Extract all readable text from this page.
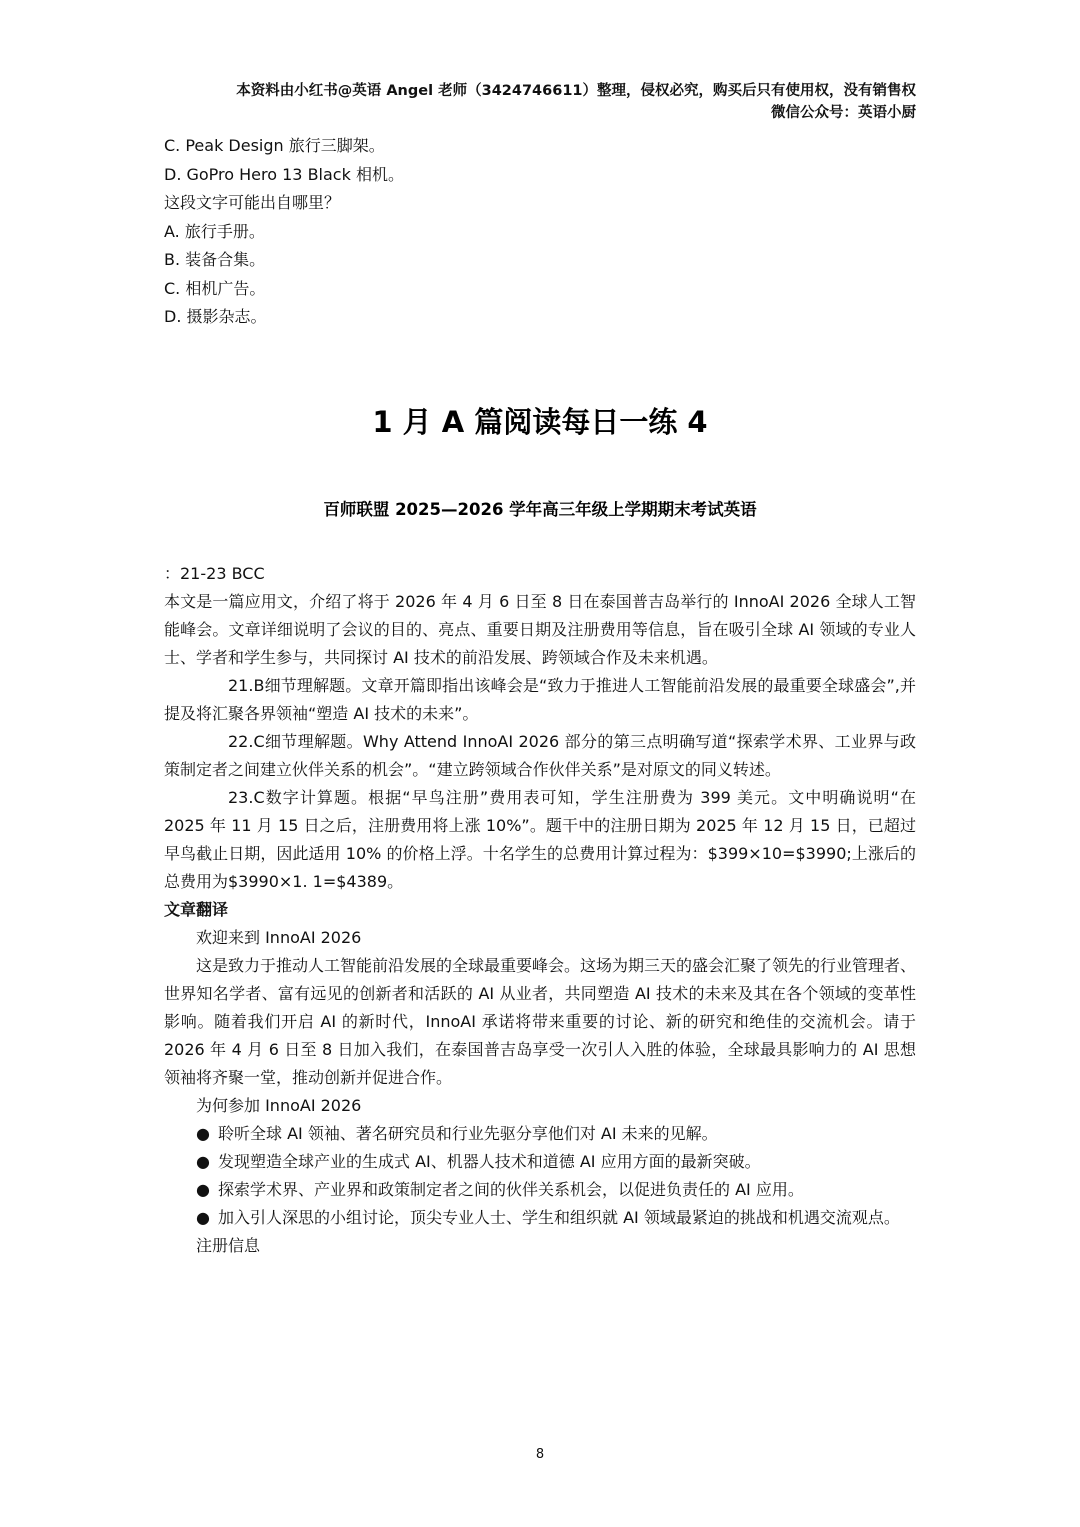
本资料由小红书@英语 Angel 老师（3424746611）整理，侵权必究，购买后只有使用权，没有销售权
微信公众号：英语小厨

C. Peak Design 旅行三脚架。

D. GoPro Hero 13 Black 相机。

这段文字可能出自哪里？

A. 旅行手册。

B. 装备合集。

C. 相机广告。

D. 摄影杂志。

1 月 A 篇阅读每日一练 4
百师联盟 2025—2026 学年高三年级上学期期末考试英语

：21-23 BCC

本文是一篇应用文，介绍了将于 2026 年 4 月 6 日至 8 日在泰国普吉岛举行的 InnoAI 2026 全球人工智能峰会。文章详细说明了会议的目的、亮点、重要日期及注册费用等信息，旨在吸引全球 AI 领域的专业人士、学者和学生参与，共同探讨 AI 技术的前沿发展、跨领域合作及未来机遇。

21.B细节理解题。文章开篇即指出该峰会是“致力于推进人工智能前沿发展的最重要全球盛会”,并提及将汇聚各界领袖“塑造 AI 技术的未来”。

22.C细节理解题。Why Attend InnoAI 2026 部分的第三点明确写道“探索学术界、工业界与政策制定者之间建立伙伴关系的机会”。“建立跨领域合作伙伴关系”是对原文的同义转述。

23.C数字计算题。根据“早鸟注册”费用表可知，学生注册费为 399 美元。文中明确说明“在 2025 年 11 月 15 日之后，注册费用将上涨 10%”。题干中的注册日期为 2025 年 12 月 15 日，已超过早鸟截止日期，因此适用 10% 的价格上浮。十名学生的总费用计算过程为：$399×10=$3990;上涨后的总费用为$3990×1. 1=$4389。

文章翻译

欢迎来到 InnoAI 2026

这是致力于推动人工智能前沿发展的全球最重要峰会。这场为期三天的盛会汇聚了领先的行业管理者、世界知名学者、富有远见的创新者和活跃的 AI 从业者，共同塑造 AI 技术的未来及其在各个领域的变革性影响。随着我们开启 AI 的新时代，InnoAI 承诺将带来重要的讨论、新的研究和绝佳的交流机会。请于 2026 年 4 月 6 日至 8 日加入我们，在泰国普吉岛享受一次引人入胜的体验，全球最具影响力的 AI 思想领袖将齐聚一堂，推动创新并促进合作。

为何参加 InnoAI 2026

● 聆听全球 AI 领袖、著名研究员和行业先驱分享他们对 AI 未来的见解。

● 发现塑造全球产业的生成式 AI、机器人技术和道德 AI 应用方面的最新突破。

● 探索学术界、产业界和政策制定者之间的伙伴关系机会，以促进负责任的 AI 应用。

● 加入引人深思的小组讨论，顶尖专业人士、学生和组织就 AI 领域最紧迫的挑战和机遇交流观点。

注册信息

8
